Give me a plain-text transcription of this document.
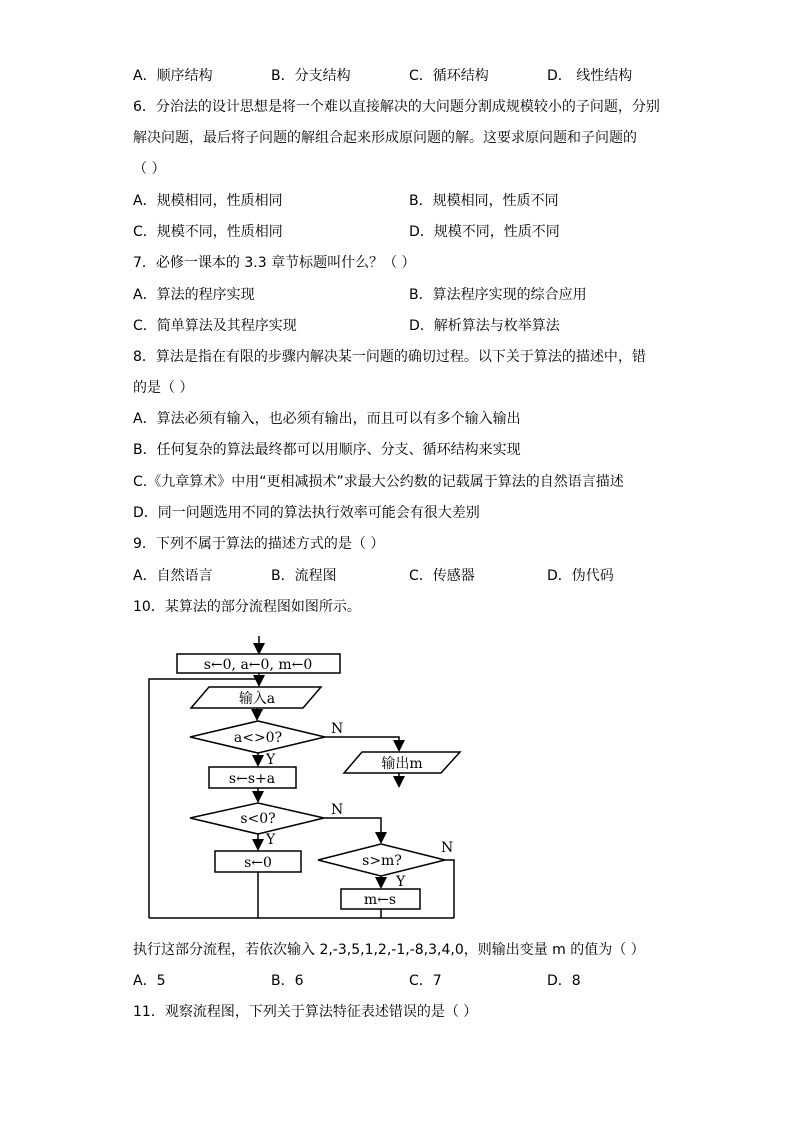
A．顺序结构	B．分支结构	C．循环结构	D． 线性结构
6．分治法的设计思想是将一个难以直接解决的大问题分割成规模较小的子问题，分别
解决问题，最后将子问题的解组合起来形成原问题的解。这要求原问题和子问题的
（ ）
A．规模相同，性质相同	B．规模相同，性质不同
C．规模不同，性质相同	D．规模不同，性质不同
7．必修一课本的 3.3 章节标题叫什么？（ ）
A．算法的程序实现	B．算法程序实现的综合应用
C．简单算法及其程序实现	D．解析算法与枚举算法
8．算法是指在有限的步骤内解决某一问题的确切过程。以下关于算法的描述中，错
的是（ ）
A．算法必须有输入，也必须有输出，而且可以有多个输入输出
B．任何复杂的算法最终都可以用顺序、分支、循环结构来实现
C.《九章算术》中用“更相减损术”求最大公约数的记载属于算法的自然语言描述
D．同一问题选用不同的算法执行效率可能会有很大差别
9．下列不属于算法的描述方式的是（ ）
A．自然语言	B．流程图	C．传感器	D．伪代码
10．某算法的部分流程图如图所示。
s←0, a←0, m←0
输入a
a<>0?
输出m
s←s+a
s<0?
s←0	s>m?
m←s
N
Y
N
Y	N
Y
执行这部分流程，若依次输入 2,-3,5,1,2,-1,-8,3,4,0，则输出变量 m 的值为（ ）
A．5	B．6	C．7	D．8
11．观察流程图，下列关于算法特征表述错误的是（ ）
